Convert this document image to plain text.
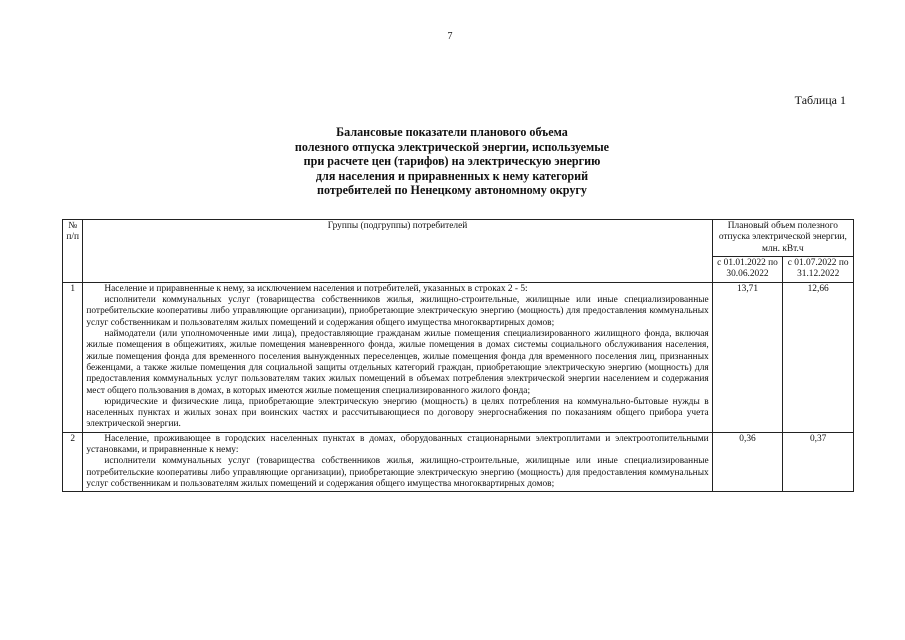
7
Таблица 1
Балансовые показатели планового объема
полезного отпуска электрической энергии, используемые
при расчете цен (тарифов) на электрическую энергию
для населения и приравненных к нему категорий
потребителей по Ненецкому автономному округу
№ п/п	Группы (подгруппы) потребителей	Плановый объем полезного отпуска электрической энергии, млн. кВт.ч	
		с 01.01.2022 по 30.06.2022	с 01.07.2022 по 31.12.2022
1	Население и приравненные к нему, за исключением населения и потребителей, указанных в строках 2 - 5:

исполнители коммунальных услуг (товарищества собственников жилья, жилищно-строительные, жилищные или иные специализированные потребительские кооперативы либо управляющие организации), приобретающие электрическую энергию (мощность) для предоставления коммунальных услуг собственникам и пользователям жилых помещений и содержания общего имущества многоквартирных домов;

наймодатели (или уполномоченные ими лица), предоставляющие гражданам жилые помещения специализированного жилищного фонда, включая жилые помещения в общежитиях, жилые помещения маневренного фонда, жилые помещения в домах системы социального обслуживания населения, жилые помещения фонда для временного поселения вынужденных переселенцев, жилые помещения фонда для временного поселения лиц, признанных беженцами, а также жилые помещения для социальной защиты отдельных категорий граждан, приобретающие электрическую энергию (мощность) для предоставления коммунальных услуг пользователям таких жилых помещений в объемах потребления электрической энергии населением и содержания мест общего пользования в домах, в которых имеются жилые помещения специализированного жилого фонда;

юридические и физические лица, приобретающие электрическую энергию (мощность) в целях потребления на коммунально-бытовые нужды в населенных пунктах и жилых зонах при воинских частях и рассчитывающиеся по договору энергоснабжения по показаниям общего прибора учета электрической энергии.	13,71	12,66
2	Население, проживающее в городских населенных пунктах в домах, оборудованных стационарными электроплитами и электроотопительными установками, и приравненные к нему:

исполнители коммунальных услуг (товарищества собственников жилья, жилищно-строительные, жилищные или иные специализированные потребительские кооперативы либо управляющие организации), приобретающие электрическую энергию (мощность) для предоставления коммунальных услуг собственникам и пользователям жилых помещений и содержания общего имущества многоквартирных домов;	0,36	0,37
